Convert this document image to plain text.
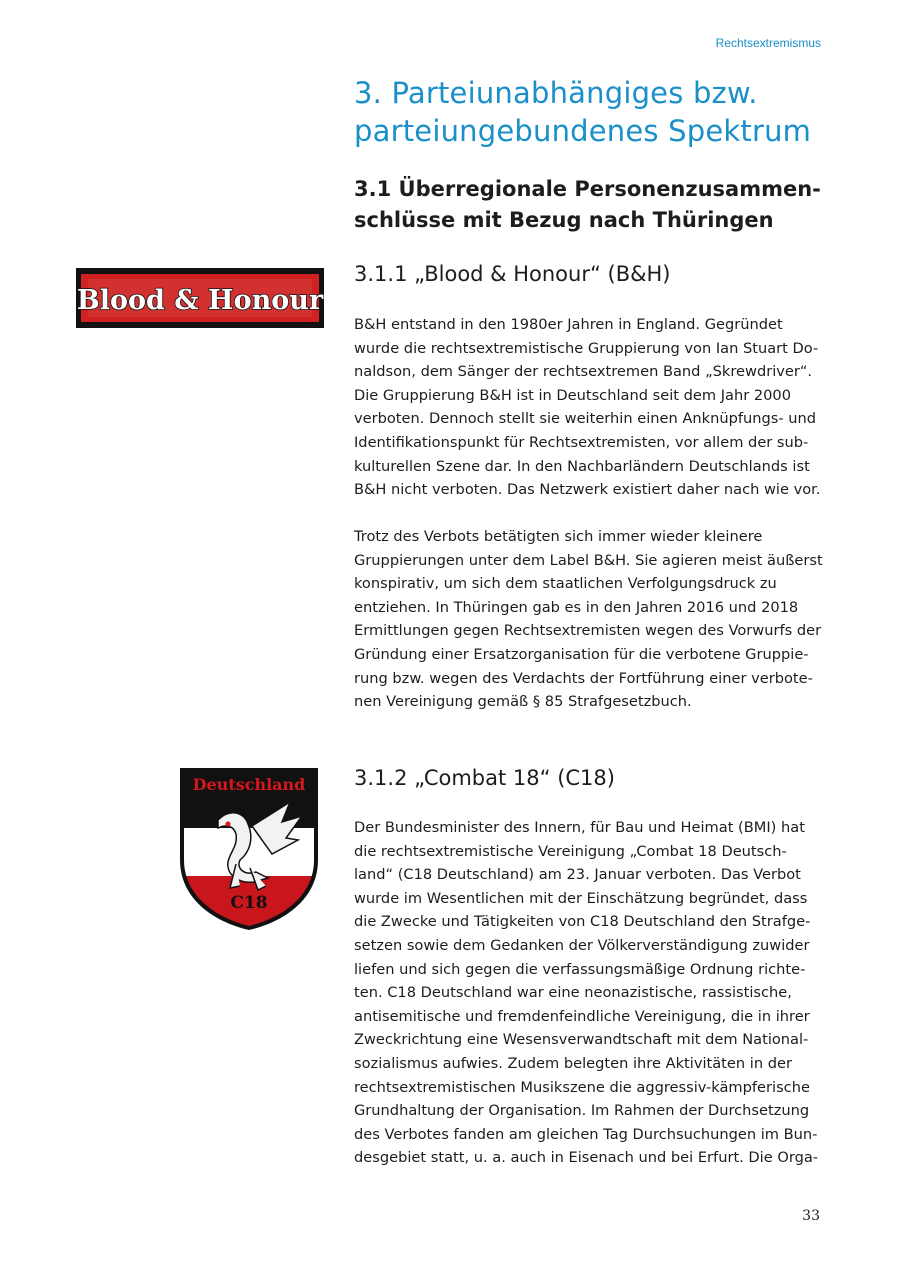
Rechtsextremismus
3. Parteiunabhängiges bzw.
parteiungebundenes Spektrum
3.1 Überregionale Personenzusammen-
schlüsse mit Bezug nach Thüringen
Blood & Honour
3.1.1 „Blood & Honour“ (B&H)

B&H entstand in den 1980er Jahren in England. Gegründet
wurde die rechtsextremistische Gruppierung von Ian Stuart Do-
naldson, dem Sänger der rechtsextremen Band „Skrewdriver“.
Die Gruppierung B&H ist in Deutschland seit dem Jahr 2000
verboten. Dennoch stellt sie weiterhin einen Anknüpfungs- und
Identifikationspunkt für Rechtsextremisten, vor allem der sub-
kulturellen Szene dar. In den Nachbarländern Deutschlands ist
B&H nicht verboten. Das Netzwerk existiert daher nach wie vor.

Trotz des Verbots betätigten sich immer wieder kleinere
Gruppierungen unter dem Label B&H. Sie agieren meist äußerst
konspirativ, um sich dem staatlichen Verfolgungsdruck zu
entziehen. In Thüringen gab es in den Jahren 2016 und 2018
Ermittlungen gegen Rechtsextremisten wegen des Vorwurfs der
Gründung einer Ersatzorganisation für die verbotene Gruppie-
rung bzw. wegen des Verdachts der Fortführung einer verbote-
nen Vereinigung gemäß § 85 Strafgesetzbuch.

Deutschland
C18
3.1.2 „Combat 18“ (C18)

Der Bundesminister des Innern, für Bau und Heimat (BMI) hat
die rechtsextremistische Vereinigung „Combat 18 Deutsch-
land“ (C18 Deutschland) am 23. Januar verboten. Das Verbot
wurde im Wesentlichen mit der Einschätzung begründet, dass
die Zwecke und Tätigkeiten von C18 Deutschland den Strafge-
setzen sowie dem Gedanken der Völkerverständigung zuwider
liefen und sich gegen die verfassungsmäßige Ordnung richte-
ten. C18 Deutschland war eine neonazistische, rassistische,
antisemitische und fremdenfeindliche Vereinigung, die in ihrer
Zweckrichtung eine Wesensverwandtschaft mit dem National-
sozialismus aufwies. Zudem belegten ihre Aktivitäten in der
rechtsextremistischen Musikszene die aggressiv-kämpferische
Grundhaltung der Organisation. Im Rahmen der Durchsetzung
des Verbotes fanden am gleichen Tag Durchsuchungen im Bun-
desgebiet statt, u. a. auch in Eisenach und bei Erfurt. Die Orga-

33
